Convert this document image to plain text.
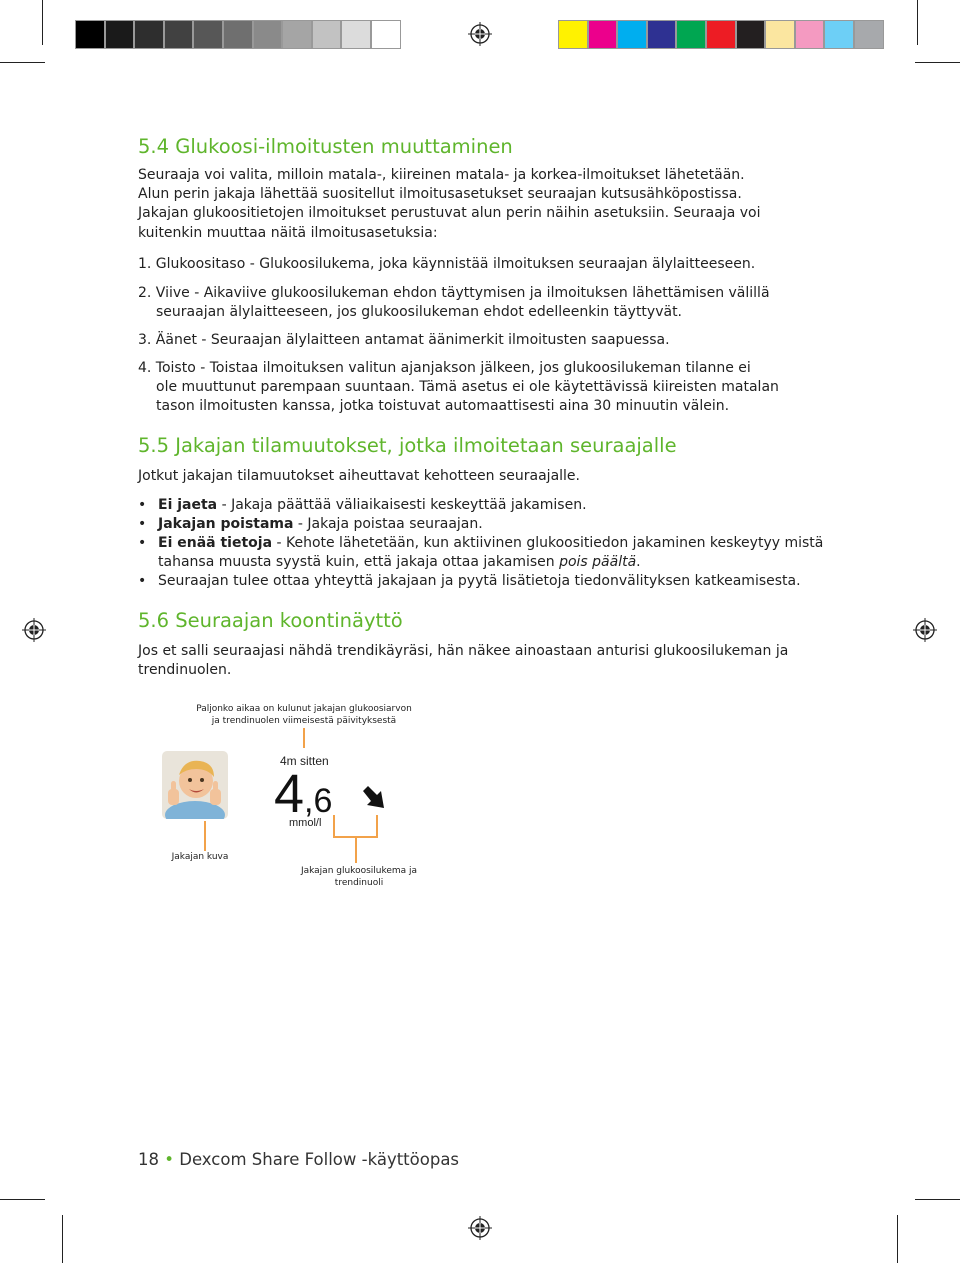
5.4 Glukoosi-ilmoitusten muuttaminen
Seuraaja voi valita, milloin matala-, kiireinen matala- ja korkea-ilmoitukset lähetetään.
Alun perin jakaja lähettää suositellut ilmoitusasetukset seuraajan kutsusähköpostissa.
Jakajan glukoositietojen ilmoitukset perustuvat alun perin näihin asetuksiin. Seuraaja voi
kuitenkin muuttaa näitä ilmoitusasetuksia:
1. Glukoositaso - Glukoosilukema, joka käynnistää ilmoituksen seuraajan älylaitteeseen.
2. Viive - Aikaviive glukoosilukeman ehdon täyttymisen ja ilmoituksen lähettämisen välillä
seuraajan älylaitteeseen, jos glukoosilukeman ehdot edelleenkin täyttyvät.
3. Äänet - Seuraajan älylaitteen antamat äänimerkit ilmoitusten saapuessa.
4. Toisto - Toistaa ilmoituksen valitun ajanjakson jälkeen, jos glukoosilukeman tilanne ei
ole muuttunut parempaan suuntaan. Tämä asetus ei ole käytettävissä kiireisten matalan
tason ilmoitusten kanssa, jotka toistuvat automaattisesti aina 30 minuutin välein.
5.5 Jakajan tilamuutokset, jotka ilmoitetaan seuraajalle
Jotkut jakajan tilamuutokset aiheuttavat kehotteen seuraajalle.
• Ei jaeta - Jakaja päättää väliaikaisesti keskeyttää jakamisen.
• Jakajan poistama - Jakaja poistaa seuraajan.
• Ei enää tietoja - Kehote lähetetään, kun aktiivinen glukoositiedon jakaminen keskeytyy mistä
tahansa muusta syystä kuin, että jakaja ottaa jakamisen pois päältä.
• Seuraajan tulee ottaa yhteyttä jakajaan ja pyytä lisätietoja tiedonvälityksen katkeamisesta.
5.6 Seuraajan koontinäyttö
Jos et salli seuraajasi nähdä trendikäyräsi, hän näkee ainoastaan anturisi glukoosilukeman ja
trendinuolen.
Paljonko aikaa on kulunut jakajan glukoosiarvon
ja trendinuolen viimeisestä päivityksestä
Jakajan kuva
4m sitten
4,6
mmol/l
Jakajan glukoosilukema ja
trendinuoli
18 • Dexcom Share Follow -käyttöopas
